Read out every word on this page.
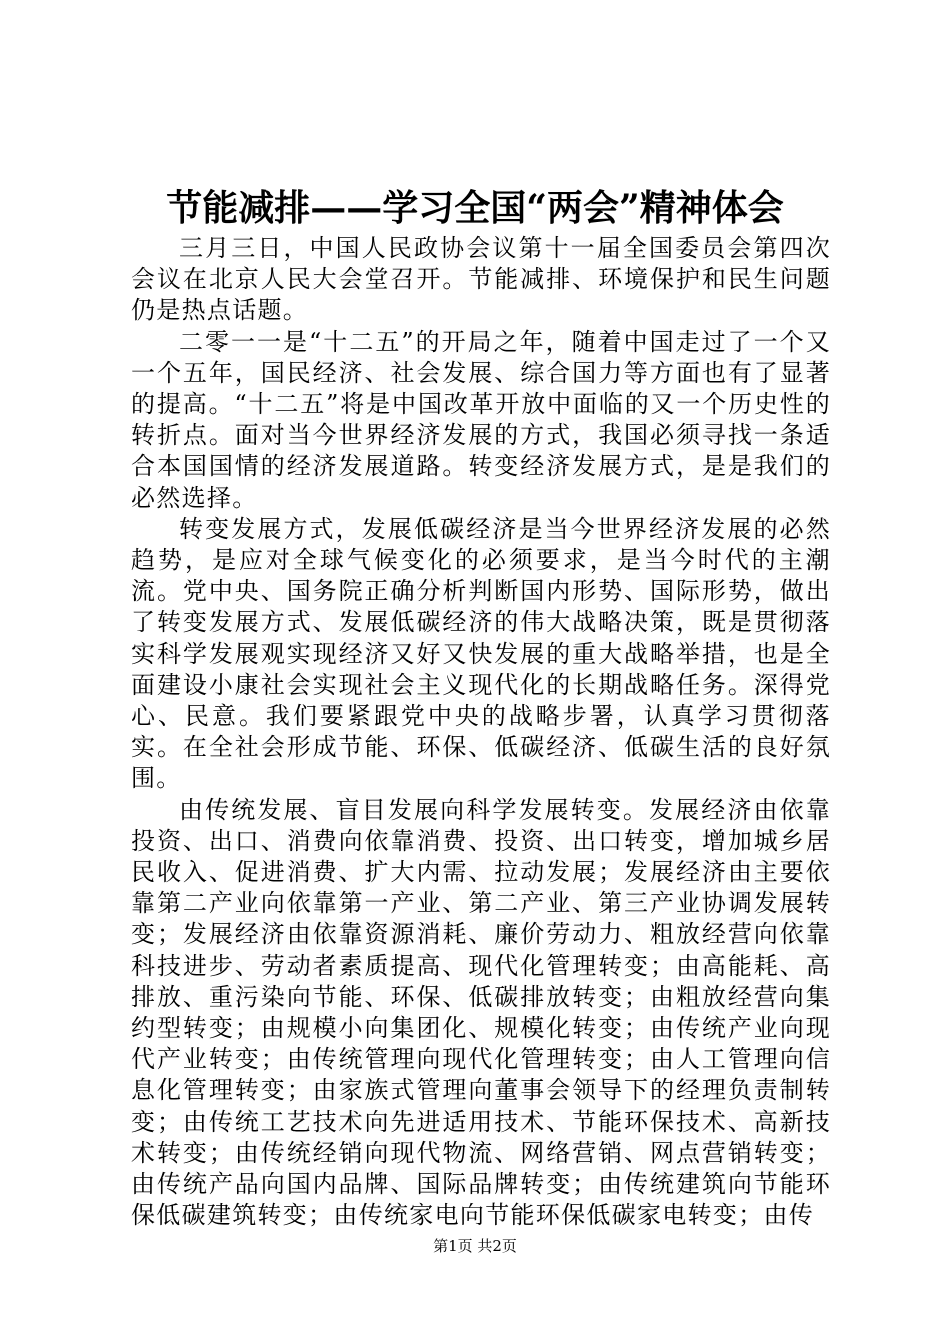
节能减排——学习全国“两会”精神体会

三月三日，中国人民政协会议第十一届全国委员会第四次会议在北京人民大会堂召开。节能减排、环境保护和民生问题仍是热点话题。

二零一一是“十二五”的开局之年，随着中国走过了一个又一个五年，国民经济、社会发展、综合国力等方面也有了显著的提高。“十二五”将是中国改革开放中面临的又一个历史性的转折点。面对当今世界经济发展的方式，我国必须寻找一条适合本国国情的经济发展道路。转变经济发展方式，是是我们的必然选择。

转变发展方式，发展低碳经济是当今世界经济发展的必然趋势，是应对全球气候变化的必须要求，是当今时代的主潮流。党中央、国务院正确分析判断国内形势、国际形势，做出了转变发展方式、发展低碳经济的伟大战略决策，既是贯彻落实科学发展观实现经济又好又快发展的重大战略举措，也是全面建设小康社会实现社会主义现代化的长期战略任务。深得党心、民意。我们要紧跟党中央的战略步署，认真学习贯彻落实。在全社会形成节能、环保、低碳经济、低碳生活的良好氛围。

由传统发展、盲目发展向科学发展转变。发展经济由依靠投资、出口、消费向依靠消费、投资、出口转变，增加城乡居民收入、促进消费、扩大内需、拉动发展；发展经济由主要依靠第二产业向依靠第一产业、第二产业、第三产业协调发展转变；发展经济由依靠资源消耗、廉价劳动力、粗放经营向依靠科技进步、劳动者素质提高、现代化管理转变；由高能耗、高排放、重污染向节能、环保、低碳排放转变；由粗放经营向集约型转变；由规模小向集团化、规模化转变；由传统产业向现代产业转变；由传统管理向现代化管理转变；由人工管理向信息化管理转变；由家族式管理向董事会领导下的经理负责制转变；由传统工艺技术向先进适用技术、节能环保技术、高新技术转变；由传统经销向现代物流、网络营销、网点营销转变；由传统产品向国内品牌、国际品牌转变；由传统建筑向节能环保低碳建筑转变；由传统家电向节能环保低碳家电转变；由传

第1页 共2页
